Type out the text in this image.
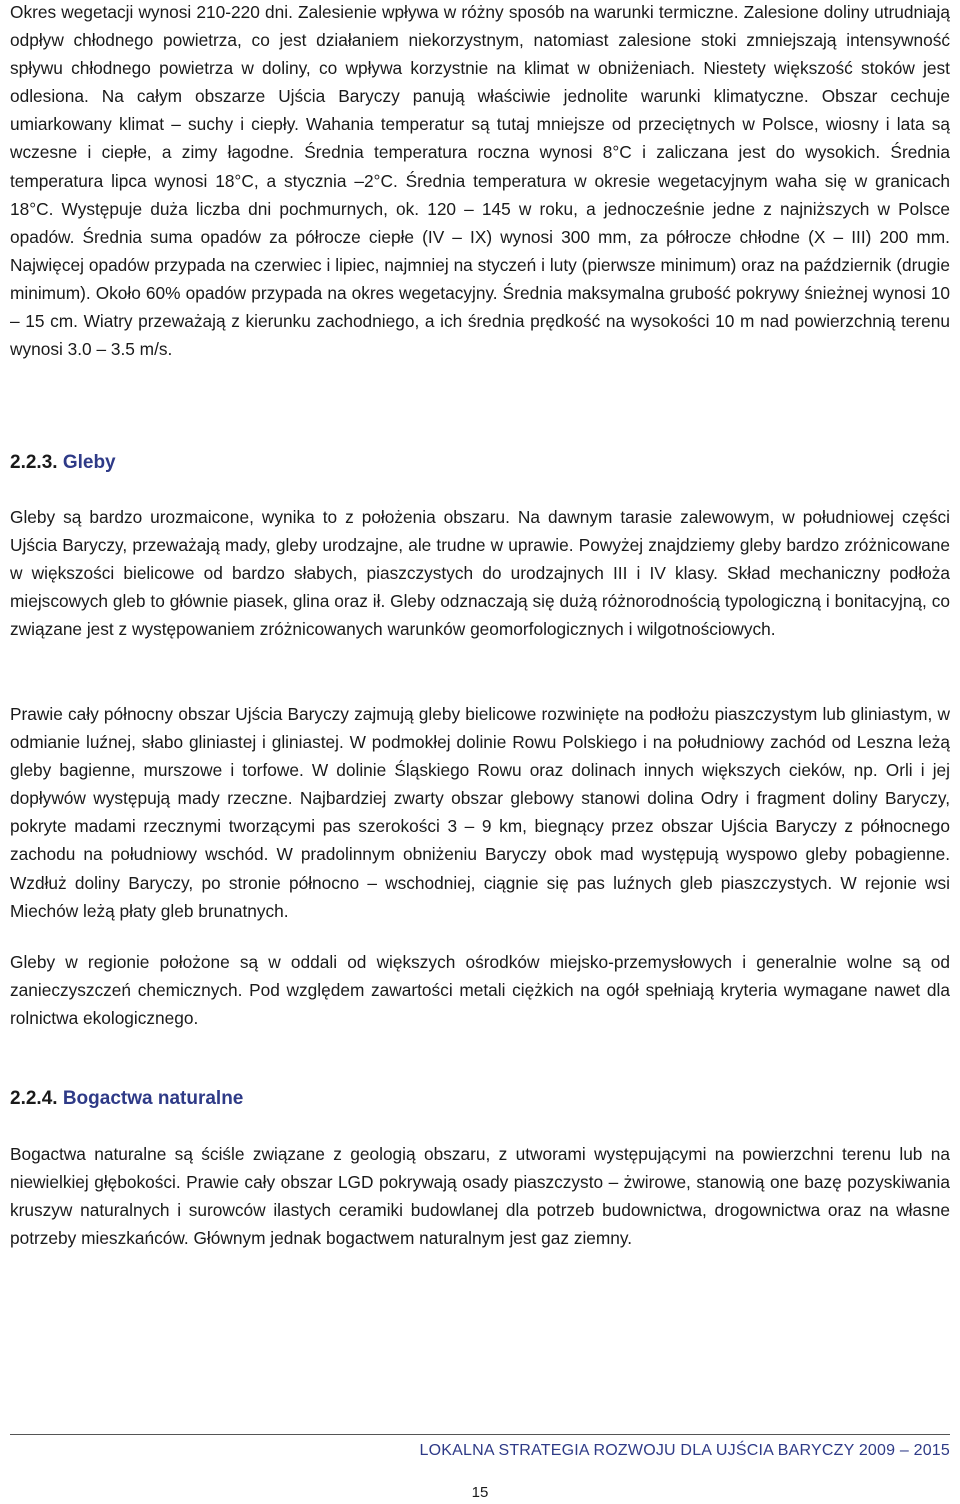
Okres wegetacji wynosi 210-220 dni. Zalesienie wpływa w różny sposób na warunki termiczne. Zalesione doliny utrudniają odpływ chłodnego powietrza, co jest działaniem niekorzystnym, natomiast zalesione stoki zmniejszają intensywność spływu chłodnego powietrza w doliny, co wpływa korzystnie na klimat w obniżeniach. Niestety większość stoków jest odlesiona. Na całym obszarze Ujścia Baryczy panują właściwie jednolite warunki klimatyczne. Obszar cechuje umiarkowany klimat – suchy i ciepły. Wahania temperatur są tutaj mniejsze od przeciętnych w Polsce, wiosny i lata są wczesne i ciepłe, a zimy łagodne. Średnia temperatura roczna wynosi 8°C i zaliczana jest do wysokich. Średnia temperatura lipca wynosi 18°C, a stycznia –2°C. Średnia temperatura w okresie wegetacyjnym waha się w granicach 18°C. Występuje duża liczba dni pochmurnych, ok. 120 – 145 w roku, a jednocześnie jedne z najniższych w Polsce opadów. Średnia suma opadów za półrocze ciepłe (IV – IX) wynosi 300 mm, za półrocze chłodne (X – III) 200 mm. Najwięcej opadów przypada na czerwiec i lipiec, najmniej na styczeń i luty (pierwsze minimum) oraz na październik (drugie minimum). Około 60% opadów przypada na okres wegetacyjny. Średnia maksymalna grubość pokrywy śnieżnej wynosi 10 – 15 cm. Wiatry przeważają z kierunku zachodniego, a ich średnia prędkość na wysokości 10 m nad powierzchnią terenu wynosi 3.0 – 3.5 m/s.

2.2.3. Gleby

Gleby są bardzo urozmaicone, wynika to z położenia obszaru. Na dawnym tarasie zalewowym, w południowej części Ujścia Baryczy, przeważają mady, gleby urodzajne, ale trudne w uprawie. Powyżej znajdziemy gleby bardzo zróżnicowane w większości bielicowe od bardzo słabych, piaszczystych do urodzajnych III i IV klasy. Skład mechaniczny podłoża miejscowych gleb to głównie piasek, glina oraz ił. Gleby odznaczają się dużą różnorodnością typologiczną i bonitacyjną, co związane jest z występowaniem zróżnicowanych warunków geomorfologicznych i wilgotnościowych.

Prawie cały północny obszar Ujścia Baryczy zajmują gleby bielicowe rozwinięte na podłożu piaszczystym lub gliniastym, w odmianie luźnej, słabo gliniastej i gliniastej. W podmokłej dolinie Rowu Polskiego i na południowy zachód od Leszna leżą gleby bagienne, murszowe i torfowe. W dolinie Śląskiego Rowu oraz dolinach innych większych cieków, np. Orli i jej dopływów występują mady rzeczne. Najbardziej zwarty obszar glebowy stanowi dolina Odry i fragment doliny Baryczy, pokryte madami rzecznymi tworzącymi pas szerokości 3 – 9 km, biegnący przez obszar Ujścia Baryczy z północnego zachodu na południowy wschód. W pradolinnym obniżeniu Baryczy obok mad występują wyspowo gleby pobagienne. Wzdłuż doliny Baryczy, po stronie północno – wschodniej, ciągnie się pas luźnych gleb piaszczystych. W rejonie wsi Miechów leżą płaty gleb brunatnych.

Gleby w regionie położone są w oddali od większych ośrodków miejsko-przemysłowych i generalnie wolne są od zanieczyszczeń chemicznych. Pod względem zawartości metali ciężkich na ogół spełniają kryteria wymagane nawet dla rolnictwa ekologicznego.

2.2.4. Bogactwa naturalne

Bogactwa naturalne są ściśle związane z geologią obszaru, z utworami występującymi na powierzchni terenu lub na niewielkiej głębokości. Prawie cały obszar LGD pokrywają osady piaszczysto – żwirowe, stanowią one bazę pozyskiwania kruszyw naturalnych i surowców ilastych ceramiki budowlanej dla potrzeb budownictwa, drogownictwa oraz na własne potrzeby mieszkańców. Głównym jednak bogactwem naturalnym jest gaz ziemny.

LOKALNA STRATEGIA ROZWOJU DLA UJŚCIA BARYCZY 2009 – 2015
15
